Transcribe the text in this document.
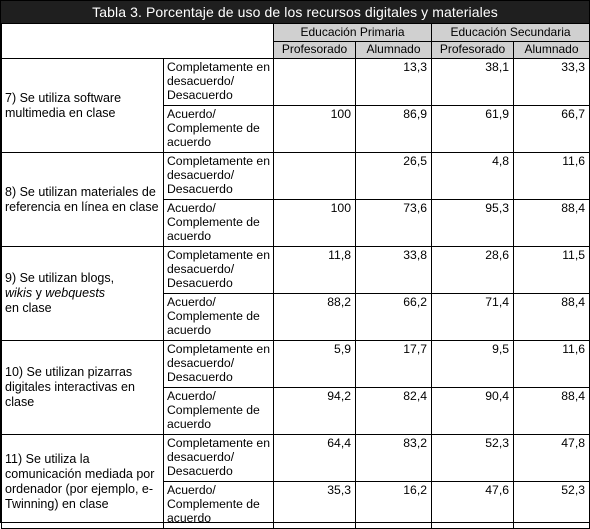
Tabla 3. Porcentaje de uso de los recursos digitales y materiales
		Educación Primaria		Educación Secundaria	
		Profesorado	Alumnado	Profesorado	Alumnado
7) Se utiliza software multimedia en clase	Completamente en desacuerdo/ Desacuerdo		13,3	38,1	33,3
	Acuerdo/ Complemente de acuerdo	100	86,9	61,9	66,7
8) Se utilizan materiales de referencia en línea en clase	Completamente en desacuerdo/ Desacuerdo		26,5	4,8	11,6
	Acuerdo/ Complemente de acuerdo	100	73,6	95,3	88,4
9) Se utilizan blogs,
wikis y webquests
en clase	Completamente en desacuerdo/ Desacuerdo	11,8	33,8	28,6	11,5
	Acuerdo/ Complemente de acuerdo	88,2	66,2	71,4	88,4
10) Se utilizan pizarras digitales interactivas en clase	Completamente en desacuerdo/ Desacuerdo	5,9	17,7	9,5	11,6
	Acuerdo/ Complemente de acuerdo	94,2	82,4	90,4	88,4
11) Se utiliza la comunicación mediada por ordenador (por ejemplo, e-Twinning) en clase	Completamente en desacuerdo/ Desacuerdo	64,4	83,2	52,3	47,8
	Acuerdo/ Complemente de acuerdo	35,3	16,2	47,6	52,3
